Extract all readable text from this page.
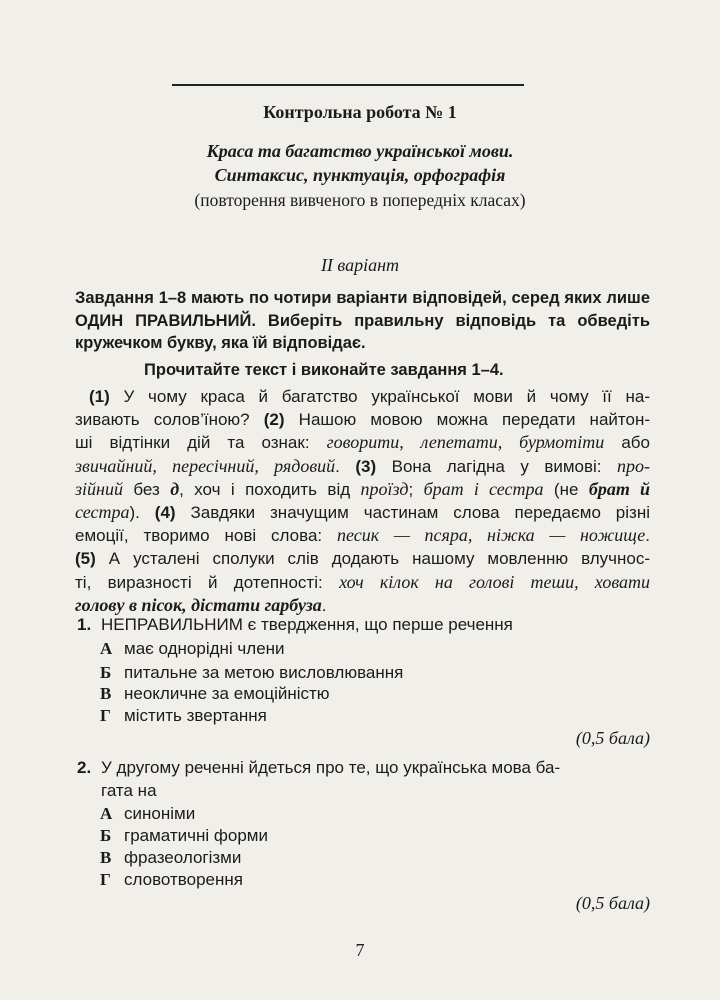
Контрольна робота № 1
Краса та багатство української мови.
Синтаксис, пунктуація, орфографія
(повторення вивченого в попередніх класах)
II варіант
Завдання 1–8 мають по чотири варіанти відповідей, серед яких лише ОДИН ПРАВИЛЬНИЙ. Виберіть правильну відповідь та обведіть кружечком букву, яка їй відповідає.
Прочитайте текст і виконайте завдання 1–4.
(1) У чому краса й багатство української мови й чому її на-
зивають солов’їною? (2) Нашою мовою можна передати найтон-
ші відтінки дій та ознак: говорити, лепетати, бурмотіти або
звичайний, пересічний, рядовий. (3) Вона лагідна у вимові: про-
зійний без д, хоч і походить від проїзд; брат і сестра (не брат й
сестра). (4) Завдяки значущим частинам слова передаємо різні
емоції, творимо нові слова: песик — псяра, ніжка — ножище.
(5) А усталені сполуки слів додають нашому мовленню влучнос-
ті, виразності й дотепності: хоч кілок на голові теши, ховати
голову в пісок, дістати гарбуза.
1. НЕПРАВИЛЬНИМ є твердження, що перше речення
А має однорідні члени
Б питальне за метою висловлювання
В неокличне за емоційністю
Г містить звертання
(0,5 бала)
2. У другому реченні йдеться про те, що українська мова ба-
гата на
А синоніми
Б граматичні форми
В фразеологізми
Г словотворення
(0,5 бала)
7
